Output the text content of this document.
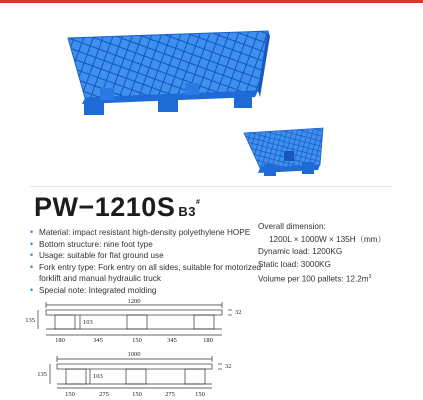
PW−1210S B3#
• Material: impact resistant high-density polyethylene HOPE
• Bottom structure: nine foot type
• Usage: suitable for flat ground use
• Fork entry type: Fork entry on all sides, suitable for motorized forklift and manual hydraulic truck
• Special note: Integrated molding
Overall dimension:
1200L × 1000W × 135H（mm）
Dynamic load: 1200KG
Static load: 3000KG
Volume per 100 pallets: $12.2m^3$
1200
135	103
32
180	345	150	345	180
1000
135	103
32
150	275	150	275	150
